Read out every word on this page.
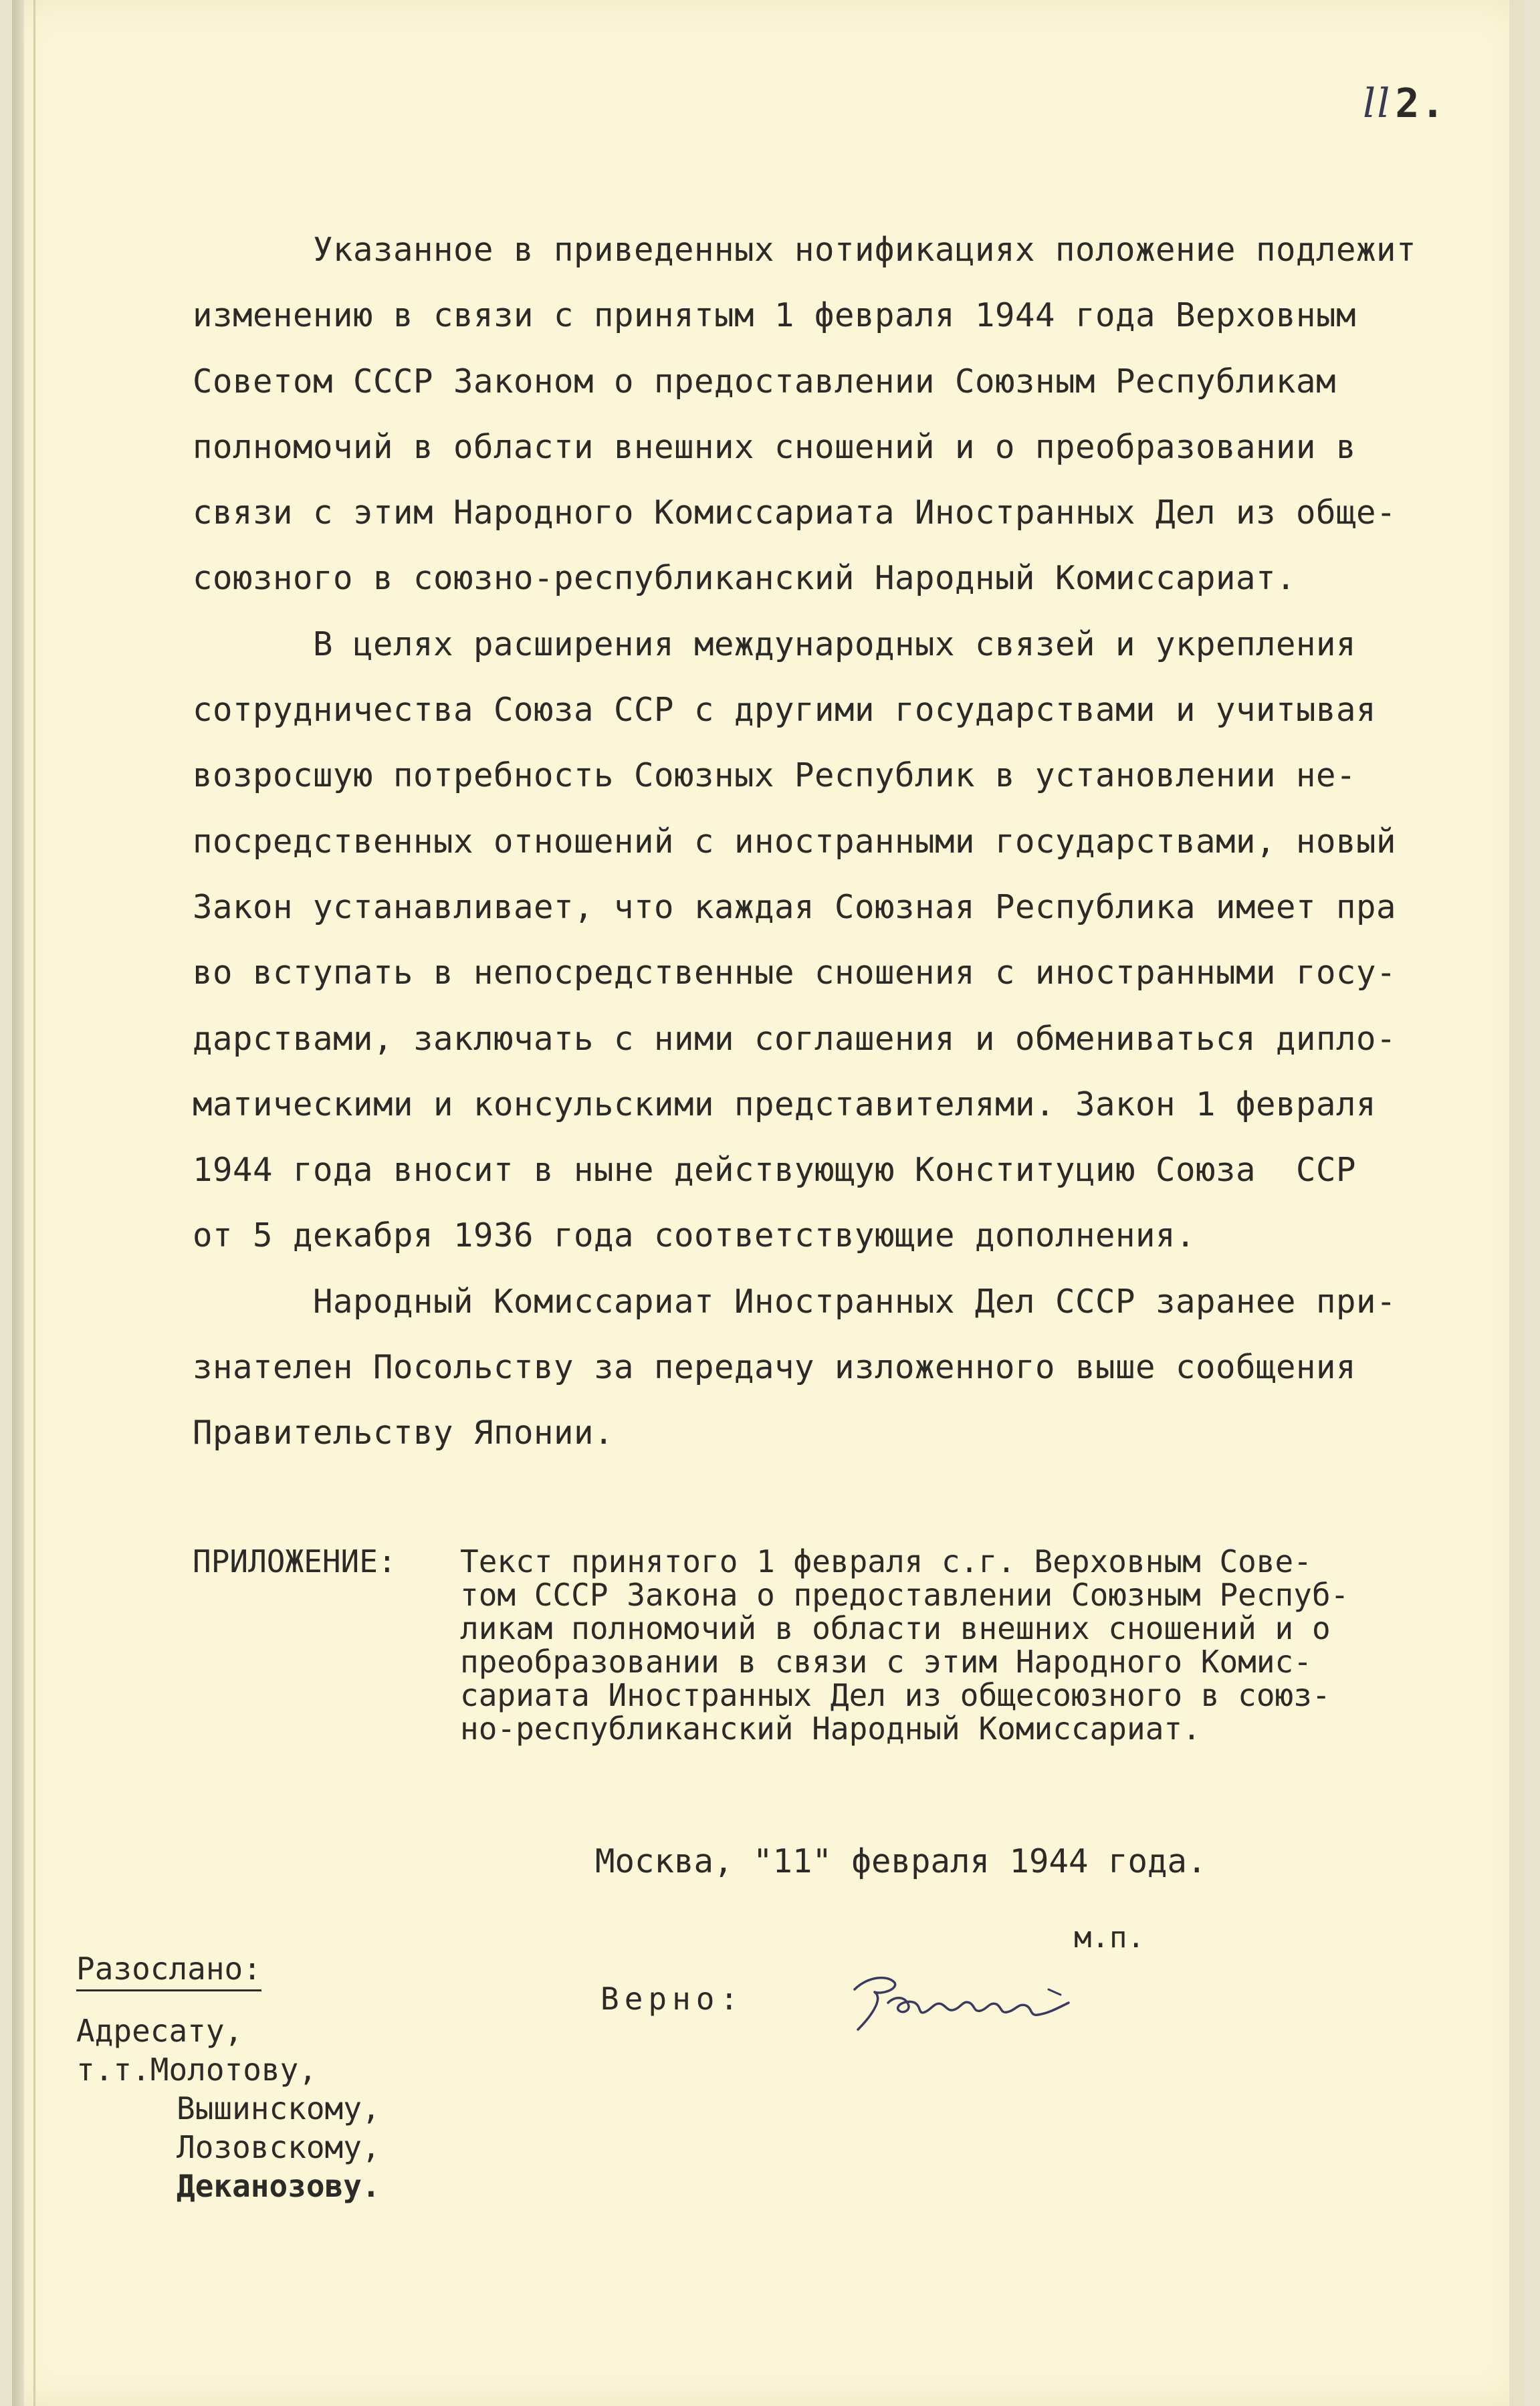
ll 2.
Указанное в приведенных нотификациях положение подлежит
изменению в связи с принятым 1 февраля 1944 года Верховным
Советом СССР Законом о предоставлении Союзным Республикам
полномочий в области внешних сношений и о преобразовании в
связи с этим Народного Комиссариата Иностранных Дел из обще-
союзного в союзно-республиканский Народный Комиссариат.
В целях расширения международных связей и укрепления
сотрудничества Союза ССР с другими государствами и учитывая
возросшую потребность Союзных Республик в установлении не-
посредственных отношений с иностранными государствами, новый
Закон устанавливает, что каждая Союзная Республика имеет пра
во вступать в непосредственные сношения с иностранными госу-
дарствами, заключать с ними соглашения и обмениваться дипло-
матическими и консульскими представителями. Закон 1 февраля
1944 года вносит в ныне действующую Конституцию Союза  ССР
от 5 декабря 1936 года соответствующие дополнения.
Народный Комиссариат Иностранных Дел СССР заранее при-
знателен Посольству за передачу изложенного выше сообщения
Правительству Японии.
ПРИЛОЖЕНИЕ: Текст принятого 1 февраля с.г. Верховным Сове-
том СССР Закона о предоставлении Союзным Респуб-
ликам полномочий в области внешних сношений и о
преобразовании в связи с этим Народного Комис-
сариата Иностранных Дел из общесоюзного в союз-
но-республиканский Народный Комиссариат.
Москва, "11" февраля 1944 года.
м.п.
Верно:
Разослано:
Адресату,
т.т.Молотову,
Вышинскому,
Лозовскому,
Деканозову.
